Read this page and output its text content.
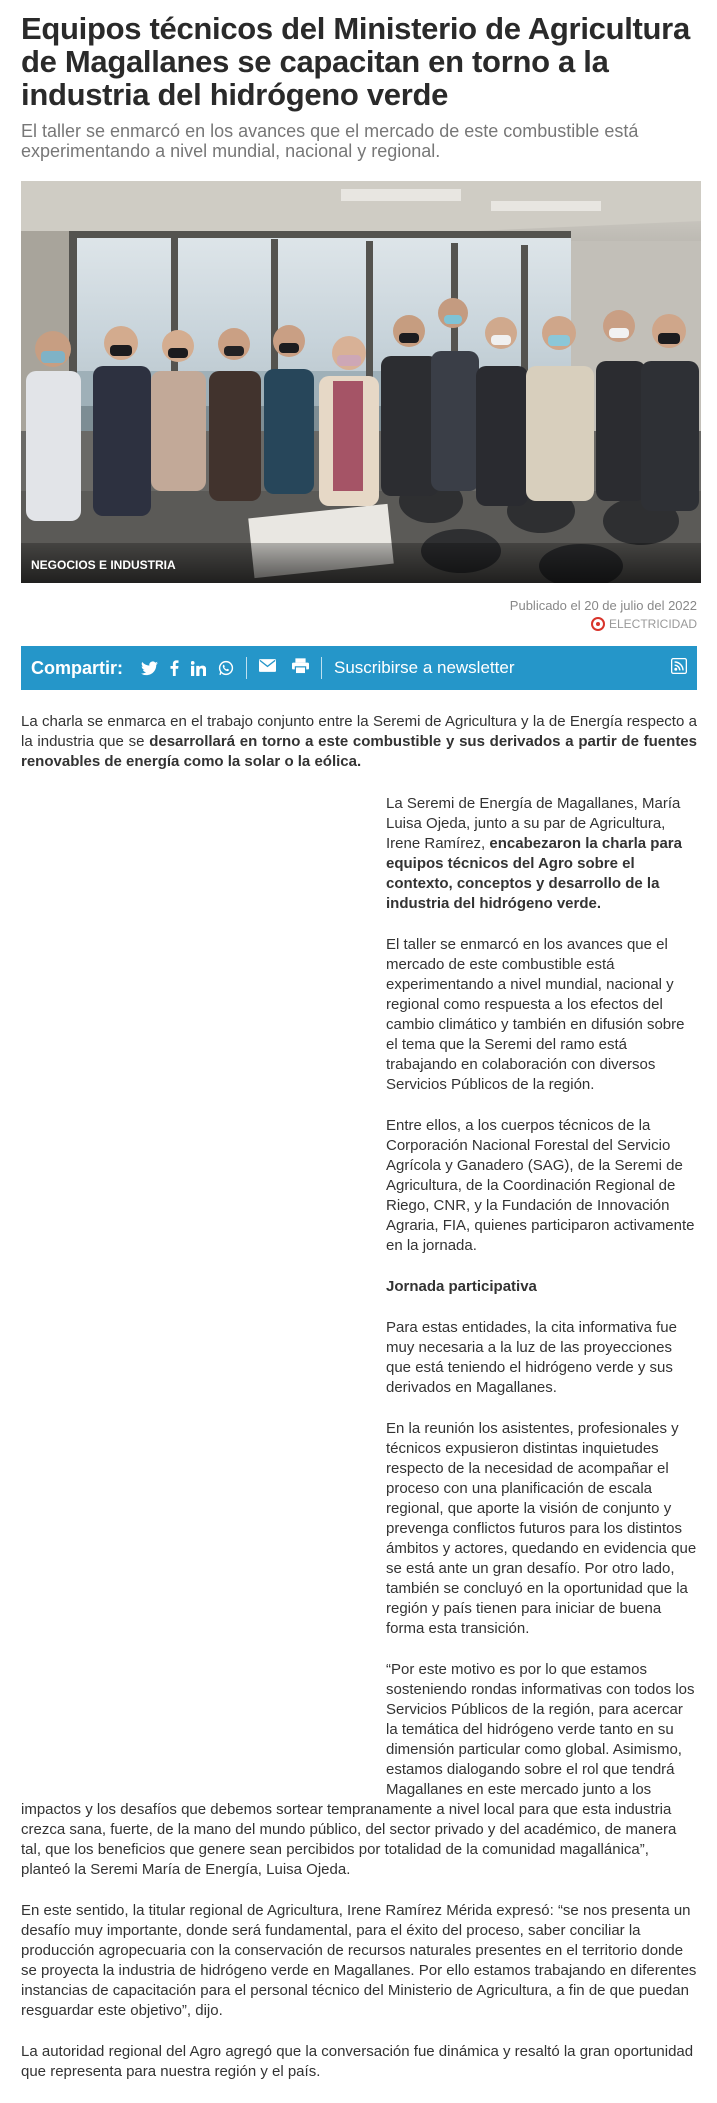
Equipos técnicos del Ministerio de Agricultura de Magallanes se capacitan en torno a la industria del hidrógeno verde

El taller se enmarcó en los avances que el mercado de este combustible está experimentando a nivel mundial, nacional y regional.

NEGOCIOS E INDUSTRIA
Publicado el 20 de julio del 2022
ELECTRICIDAD
Compartir:	Suscribirse a newsletter

La charla se enmarca en el trabajo conjunto entre la Seremi de Agricultura y la de Energía respecto a la industria que se desarrollará en torno a este combustible y sus derivados a partir de fuentes renovables de energía como la solar o la eólica.

La Seremi de Energía de Magallanes, María Luisa Ojeda, junto a su par de Agricultura, Irene Ramírez, encabezaron la charla para equipos técnicos del Agro sobre el contexto, conceptos y desarrollo de la industria del hidrógeno verde.

El taller se enmarcó en los avances que el mercado de este combustible está experimentando a nivel mundial, nacional y regional como respuesta a los efectos del cambio climático y también en difusión sobre el tema que la Seremi del ramo está trabajando en colaboración con diversos Servicios Públicos de la región.

Entre ellos, a los cuerpos técnicos de la Corporación Nacional Forestal del Servicio Agrícola y Ganadero (SAG), de la Seremi de Agricultura, de la Coordinación Regional de Riego, CNR, y la Fundación de Innovación Agraria, FIA, quienes participaron activamente en la jornada.

Jornada participativa

Para estas entidades, la cita informativa fue muy necesaria a la luz de las proyecciones que está teniendo el hidrógeno verde y sus derivados en Magallanes.

En la reunión los asistentes, profesionales y técnicos expusieron distintas inquietudes respecto de la necesidad de acompañar el proceso con una planificación de escala regional, que aporte la visión de conjunto y prevenga conflictos futuros para los distintos ámbitos y actores, quedando en evidencia que se está ante un gran desafío. Por otro lado, también se concluyó en la oportunidad que la región y país tienen para iniciar de buena forma esta transición.

“Por este motivo es por lo que estamos sosteniendo rondas informativas con todos los Servicios Públicos de la región, para acercar la temática del hidrógeno verde tanto en su dimensión particular como global. Asimismo, estamos dialogando sobre el rol que tendrá Magallanes en este mercado junto a los impactos y los desafíos que debemos sortear tempranamente a nivel local para que esta industria crezca sana, fuerte, de la mano del mundo público, del sector privado y del académico, de manera tal, que los beneficios que genere sean percibidos por totalidad de la comunidad magallánica”, planteó la Seremi María de Energía, Luisa Ojeda.

En este sentido, la titular regional de Agricultura, Irene Ramírez Mérida expresó: “se nos presenta un desafío muy importante, donde será fundamental, para el éxito del proceso, saber conciliar la producción agropecuaria con la conservación de recursos naturales presentes en el territorio donde se proyecta la industria de hidrógeno verde en Magallanes. Por ello estamos trabajando en diferentes instancias de capacitación para el personal técnico del Ministerio de Agricultura, a fin de que puedan resguardar este objetivo”, dijo.

La autoridad regional del Agro agregó que la conversación fue dinámica y resaltó la gran oportunidad que representa para nuestra región y el país.
